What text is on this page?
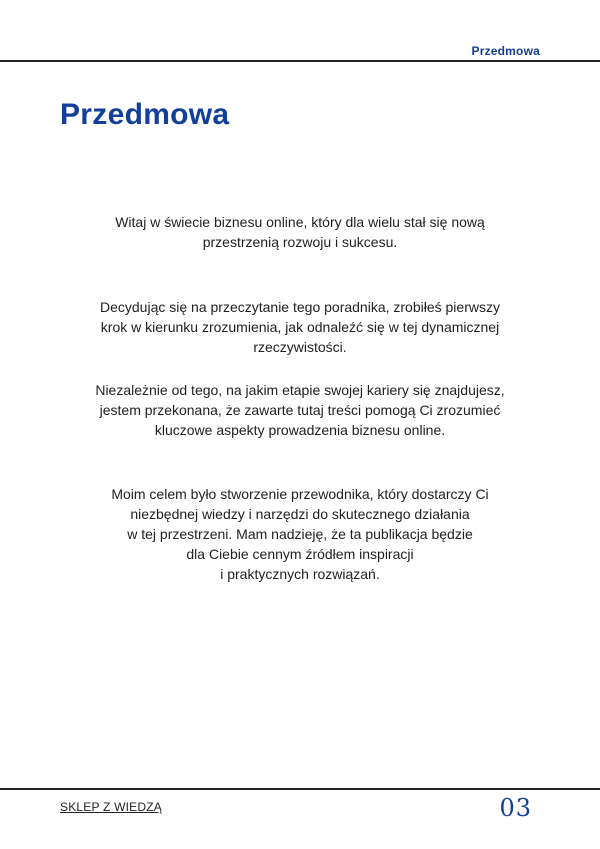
Przedmowa
Przedmowa

Witaj w świecie biznesu online, który dla wielu stał się nową
przestrzenią rozwoju i sukcesu.

Decydując się na przeczytanie tego poradnika, zrobiłeś pierwszy
krok w kierunku zrozumienia, jak odnaleźć się w tej dynamicznej
rzeczywistości.

Niezależnie od tego, na jakim etapie swojej kariery się znajdujesz,
jestem przekonana, że zawarte tutaj treści pomogą Ci zrozumieć
kluczowe aspekty prowadzenia biznesu online.

Moim celem było stworzenie przewodnika, który dostarczy Ci
niezbędnej wiedzy i narzędzi do skutecznego działania
w tej przestrzeni. Mam nadzieję, że ta publikacja będzie
dla Ciebie cennym źródłem inspiracji
i praktycznych rozwiązań.

SKLEP Z WIEDZĄ	03
